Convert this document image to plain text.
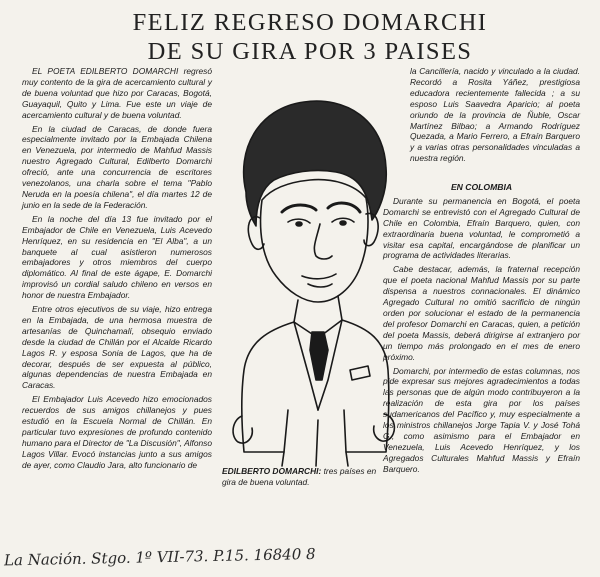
FELIZ REGRESO DOMARCHI
DE SU GIRA POR 3 PAISES

EL POETA EDILBERTO DOMARCHI regresó muy contento de la gira de acercamiento cultural y de buena voluntad que hizo por Caracas, Bogotá, Guayaquil, Quito y Lima. Fue este un viaje de acercamiento cultural y de buena voluntad.

En la ciudad de Caracas, de donde fuera especialmente invitado por la Embajada Chilena en Venezuela, por intermedio de Mahfud Massis nuestro Agregado Cultural, Edilberto Domarchi ofreció, ante una concurrencia de escritores venezolanos, una charla sobre el tema "Pablo Neruda en la poesía chilena", el día martes 12 de junio en la sede de la Federación.

En la noche del día 13 fue invitado por el Embajador de Chile en Venezuela, Luis Acevedo Henríquez, en su residencia en "El Alba", a un banquete al cual asistieron numerosos embajadores y otros miembros del cuerpo diplomático. Al final de este ágape, E. Domarchi improvisó un cordial saludo chileno en versos en honor de nuestra Embajador.

Entre otros ejecutivos de su viaje, hizo entrega en la Embajada, de una hermosa muestra de artesanías de Quinchamalí, obsequio enviado desde la ciudad de Chillán por el Alcalde Ricardo Lagos R. y esposa Sonia de Lagos, que ha de decorar, después de ser expuesta al público, algunas dependencias de nuestra Embajada en Caracas.

El Embajador Luis Acevedo hizo emocionados recuerdos de sus amigos chillanejos y pues estudió en la Escuela Normal de Chillán. En particular tuvo expresiones de profundo contenido humano para el Director de "La Discusión", Alfonso Lagos Villar. Evocó instancias junto a sus amigos de ayer, como Claudio Jara, alto funcionario de

la Cancillería, nacido y vinculado a la ciudad. Recordó a Rosita Yáñez, prestigiosa educadora recientemente fallecida ; a su esposo Luis Saavedra Aparicio; al poeta oriundo de la provincia de Ñuble, Oscar Martínez Bilbao; a Armando Rodríguez Quezada, a Mario Ferrero, a Efraín Barquero y a varias otras personalidades vinculadas a nuestra región.

EN COLOMBIA

Durante su permanencia en Bogotá, el poeta Domarchi se entrevistó con el Agregado Cultural de Chile en Colombia, Efraín Barquero, quien, con extraordinaria buena voluntad, le comprometió a visitar esa capital, encargándose de planificar un programa de actividades literarias.

Cabe destacar, además, la fraternal recepción que el poeta nacional Mahfud Massis por su parte dispensa a nuestros connacionales. El dinámico Agregado Cultural no omitió sacrificio de ningún orden por solucionar el estado de la permanencia del profesor Domarchi en Caracas, quien, a petición del poeta Massis, deberá dirigirse al extranjero por un tiempo más prolongado en el mes de enero próximo.

Domarchi, por intermedio de estas columnas, nos pide expresar sus mejores agradecimientos a todas las personas que de algún modo contribuyeron a la realización de esta gira por los países sudamericanos del Pacífico y, muy especialmente a los ministros chillanejos Jorge Tapia V. y José Tohá G., como asimismo para el Embajador en Venezuela, Luis Acevedo Henríquez, y los Agregados Culturales Mahfud Massis y Efraín Barquero.

EDILBERTO DOMARCHI: tres países en gira de buena voluntad.
La Nación. Stgo. 1º VII-73. P.15. 16840 8
